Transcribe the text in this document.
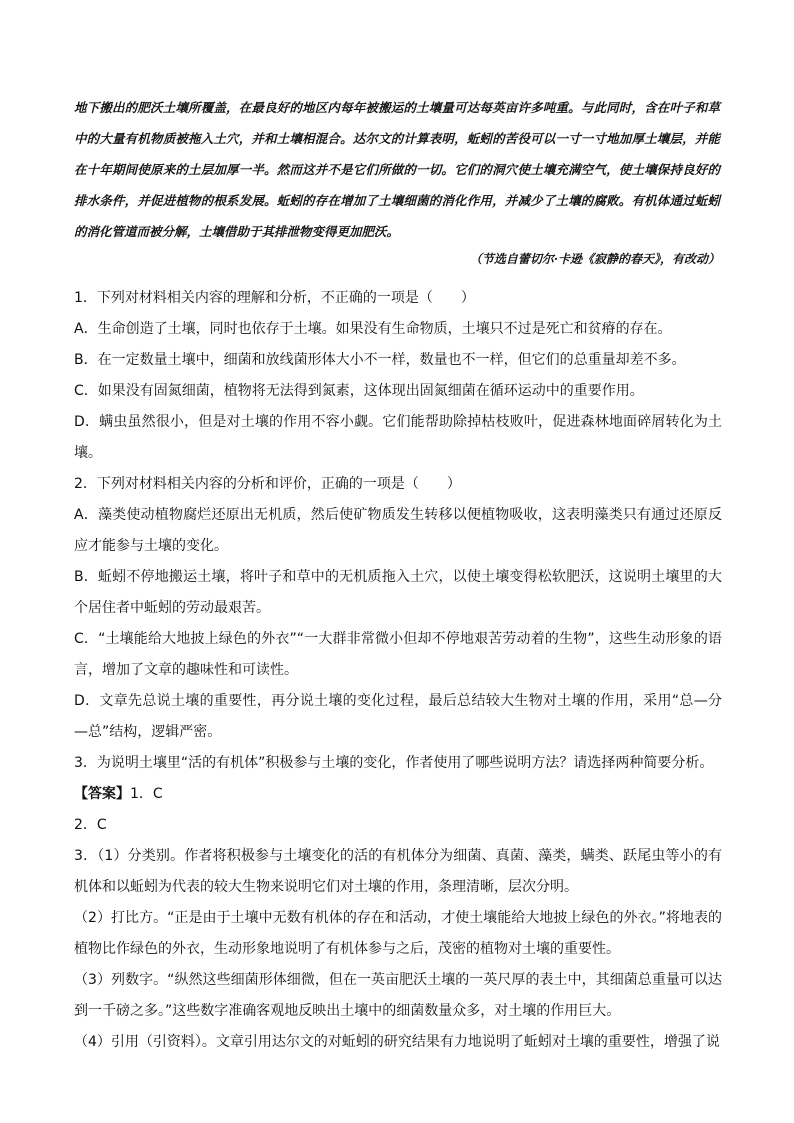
地下搬出的肥沃土壤所覆盖，在最良好的地区内每年被搬运的土壤量可达每英亩许多吨重。与此同时，含在叶子和草中的大量有机物质被拖入土穴，并和土壤相混合。达尔文的计算表明，蚯蚓的苦役可以一寸一寸地加厚土壤层，并能在十年期间使原来的土层加厚一半。然而这并不是它们所做的一切。它们的洞穴使土壤充满空气，使土壤保持良好的排水条件，并促进植物的根系发展。蚯蚓的存在增加了土壤细菌的消化作用，并减少了土壤的腐败。有机体通过蚯蚓的消化管道而被分解，土壤借助于其排泄物变得更加肥沃。

（节选自蕾切尔·卡逊《寂静的春天》，有改动）

1．下列对材料相关内容的理解和分析，不正确的一项是（　　）

A．生命创造了土壤，同时也依存于土壤。如果没有生命物质，土壤只不过是死亡和贫瘠的存在。

B．在一定数量土壤中，细菌和放线菌形体大小不一样，数量也不一样，但它们的总重量却差不多。

C．如果没有固氮细菌，植物将无法得到氮素，这体现出固氮细菌在循环运动中的重要作用。

D．螨虫虽然很小，但是对土壤的作用不容小觑。它们能帮助除掉枯枝败叶，促进森林地面碎屑转化为土壤。

2．下列对材料相关内容的分析和评价，正确的一项是（　　）

A．藻类使动植物腐烂还原出无机质，然后使矿物质发生转移以便植物吸收，这表明藻类只有通过还原反应才能参与土壤的变化。

B．蚯蚓不停地搬运土壤，将叶子和草中的无机质拖入土穴，以使土壤变得松软肥沃，这说明土壤里的大个居住者中蚯蚓的劳动最艰苦。

C．“土壤能给大地披上绿色的外衣”“一大群非常微小但却不停地艰苦劳动着的生物”，这些生动形象的语言，增加了文章的趣味性和可读性。

D．文章先总说土壤的重要性，再分说土壤的变化过程，最后总结较大生物对土壤的作用，采用“总—分—总”结构，逻辑严密。

3．为说明土壤里“活的有机体”积极参与土壤的变化，作者使用了哪些说明方法？请选择两种简要分析。

【答案】1．C

2．C

3．（1）分类别。作者将积极参与土壤变化的活的有机体分为细菌、真菌、藻类，螨类、跃尾虫等小的有机体和以蚯蚓为代表的较大生物来说明它们对土壤的作用，条理清晰，层次分明。

（2）打比方。“正是由于土壤中无数有机体的存在和活动，才使土壤能给大地披上绿色的外衣。”将地表的植物比作绿色的外衣，生动形象地说明了有机体参与之后，茂密的植物对土壤的重要性。

（3）列数字。“纵然这些细菌形体细微，但在一英亩肥沃土壤的一英尺厚的表土中，其细菌总重量可以达到一千磅之多。”这些数字准确客观地反映出土壤中的细菌数量众多，对土壤的作用巨大。

（4）引用（引资料）。文章引用达尔文的对蚯蚓的研究结果有力地说明了蚯蚓对土壤的重要性，增强了说
